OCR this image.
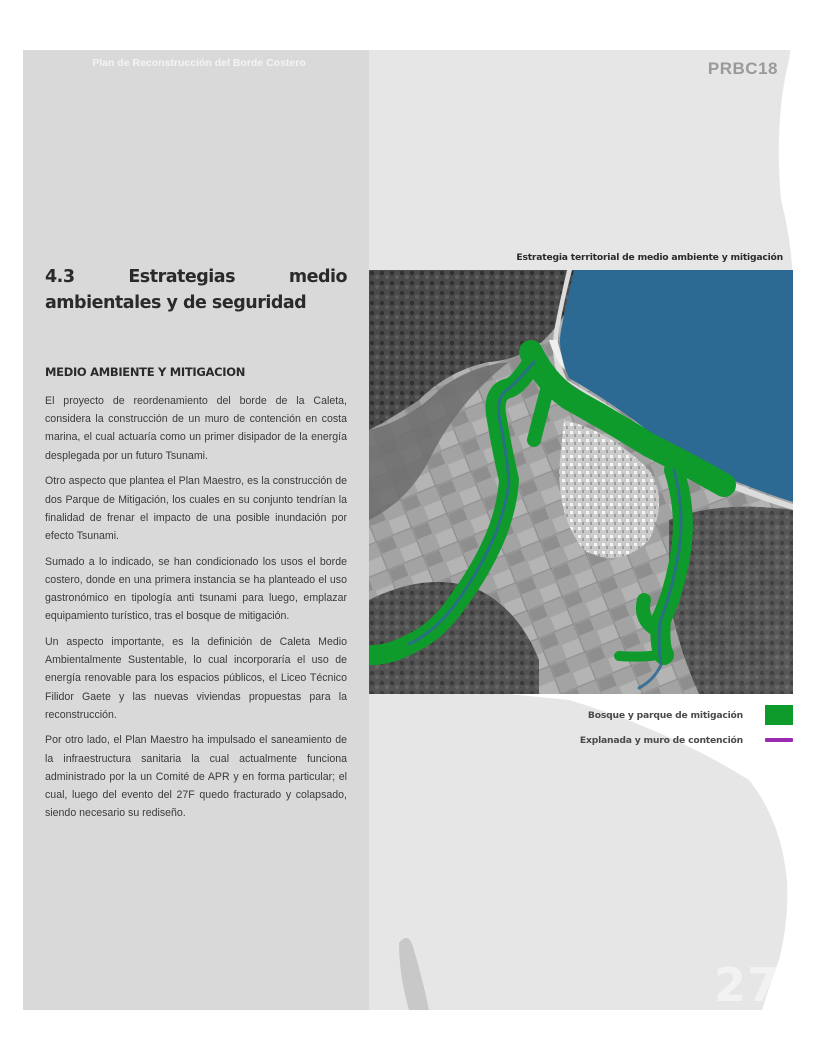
Plan de Reconstrucción del Borde Costero	PRBC18
4.3	Estrategias	medio
ambientales y de seguridad
MEDIO AMBIENTE Y MITIGACION

El proyecto de reordenamiento del borde de la Caleta, considera la construcción de un muro de contención en costa marina, el cual actuaría como un primer disipador de la energía desplegada por un futuro Tsunami.

Otro aspecto que plantea el Plan Maestro, es la construcción de dos Parque de Mitigación, los cuales en su conjunto tendrían la finalidad de frenar el impacto de una posible inundación por efecto Tsunami.

Sumado a lo indicado, se han condicionado los usos el borde costero, donde en una primera instancia se ha planteado el uso gastronómico en tipología anti tsunami para luego, emplazar equipamiento turístico, tras el bosque de mitigación.

Un aspecto importante, es la definición de Caleta Medio Ambientalmente Sustentable, lo cual incorporaría el uso de energía renovable para los espacios públicos, el Liceo Técnico Filidor Gaete y las nuevas viviendas propuestas para la reconstrucción.

Por otro lado, el Plan Maestro ha impulsado el saneamiento de la infraestructura sanitaria la cual actualmente funciona administrado por la un Comité de APR y en forma particular; el cual, luego del evento del 27F quedo fracturado y colapsado, siendo necesario su rediseño.

Estrategia territorial de medio ambiente y mitigación
Bosque y parque de mitigación
Explanada y muro de contención
27
